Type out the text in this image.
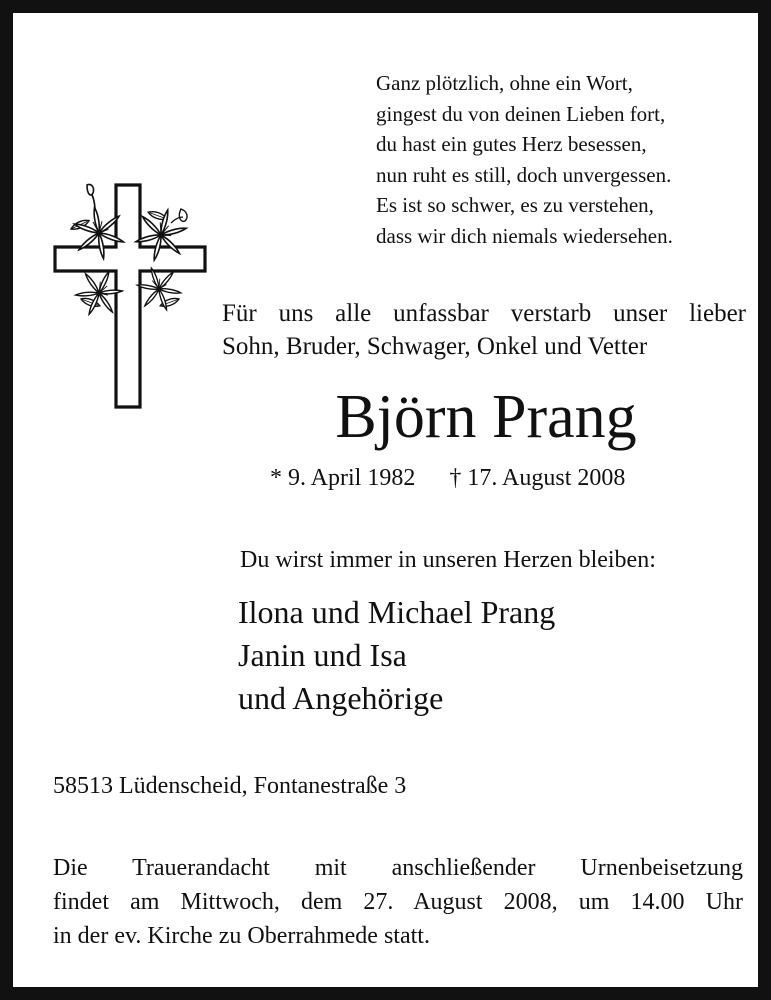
Ganz plötzlich, ohne ein Wort,
gingest du von deinen Lieben fort,
du hast ein gutes Herz besessen,
nun ruht es still, doch unvergessen.
Es ist so schwer, es zu verstehen,
dass wir dich niemals wiedersehen.
Für uns alle unfassbar verstarb unser lieber
Sohn, Bruder, Schwager, Onkel und Vetter
Björn Prang
* 9. April 1982 † 17. August 2008
Du wirst immer in unseren Herzen bleiben:
Ilona und Michael Prang
Janin und Isa
und Angehörige
58513 Lüdenscheid, Fontanestraße 3
Die Trauerandacht mit anschließender Urnenbeisetzung
findet am Mittwoch, dem 27. August 2008, um 14.00 Uhr
in der ev. Kirche zu Oberrahmede statt.
